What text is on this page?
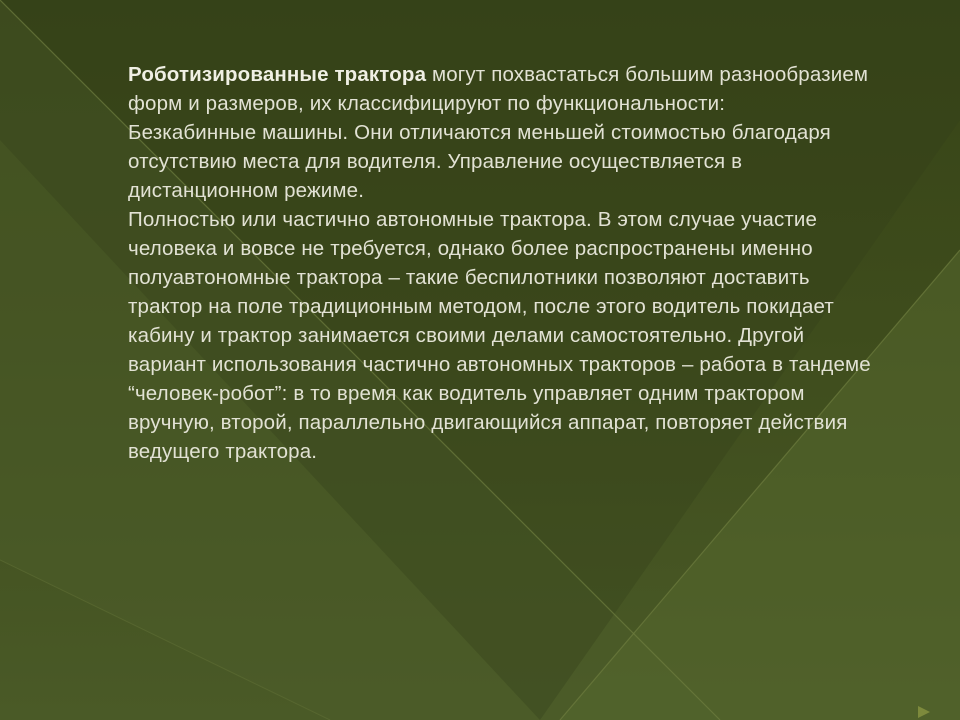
Роботизированные трактора могут похвастаться большим разнообразием форм и размеров, их классифицируют по функциональности:

Безкабинные машины. Они отличаются меньшей стоимостью благодаря отсутствию места для водителя. Управление осуществляется в дистанционном режиме.

Полностью или частично автономные трактора. В этом случае участие человека и вовсе не требуется, однако более распространены именно полуавтономные трактора – такие беспилотники позволяют доставить трактор на поле традиционным методом, после этого водитель покидает кабину и трактор занимается своими делами самостоятельно. Другой вариант использования частично автономных тракторов – работа в тандеме “человек-робот”: в то время как водитель управляет одним трактором вручную, второй, параллельно двигающийся аппарат, повторяет действия ведущего трактора.
